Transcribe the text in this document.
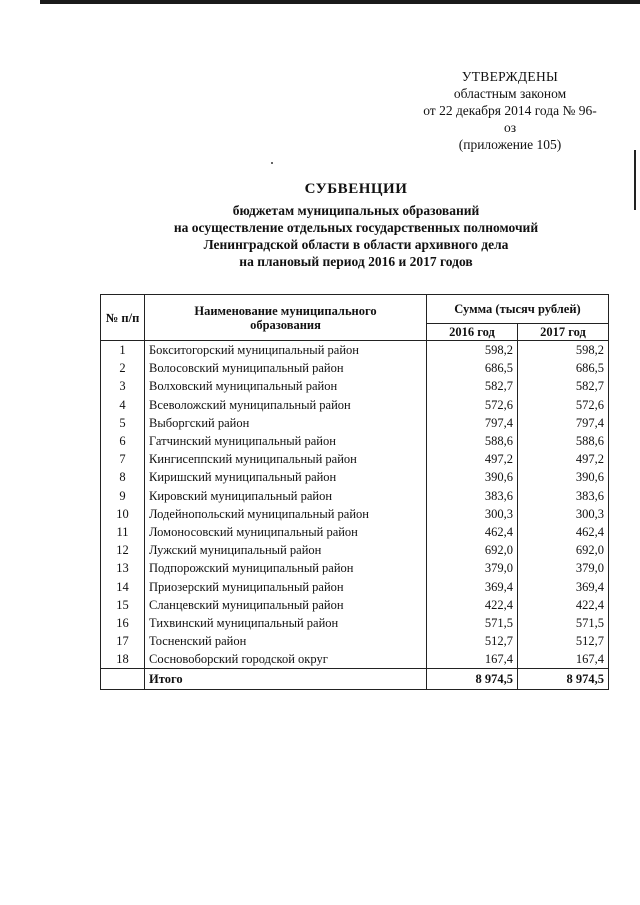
УТВЕРЖДЕНЫ
областным законом
от 22 декабря 2014 года № 96-оз
(приложение 105)
СУБВЕНЦИИ
бюджетам муниципальных образований
на осуществление отдельных государственных полномочий
Ленинградской области в области архивного дела
на плановый период 2016 и 2017 годов
№ п/п	Наименование муниципального образования	Сумма (тысяч рублей)	
		2016 год	2017 год
1	Бокситогорский муниципальный район	598,2	598,2
2	Волосовский муниципальный район	686,5	686,5
3	Волховский муниципальный район	582,7	582,7
4	Всеволожский муниципальный район	572,6	572,6
5	Выборгский район	797,4	797,4
6	Гатчинский муниципальный район	588,6	588,6
7	Кингисеппский муниципальный район	497,2	497,2
8	Киришский муниципальный район	390,6	390,6
9	Кировский муниципальный район	383,6	383,6
10	Лодейнопольский муниципальный район	300,3	300,3
11	Ломоносовский муниципальный район	462,4	462,4
12	Лужский муниципальный район	692,0	692,0
13	Подпорожский муниципальный район	379,0	379,0
14	Приозерский муниципальный район	369,4	369,4
15	Сланцевский муниципальный район	422,4	422,4
16	Тихвинский муниципальный район	571,5	571,5
17	Тосненский район	512,7	512,7
18	Сосновоборский городской округ	167,4	167,4
	Итого	8 974,5	8 974,5
